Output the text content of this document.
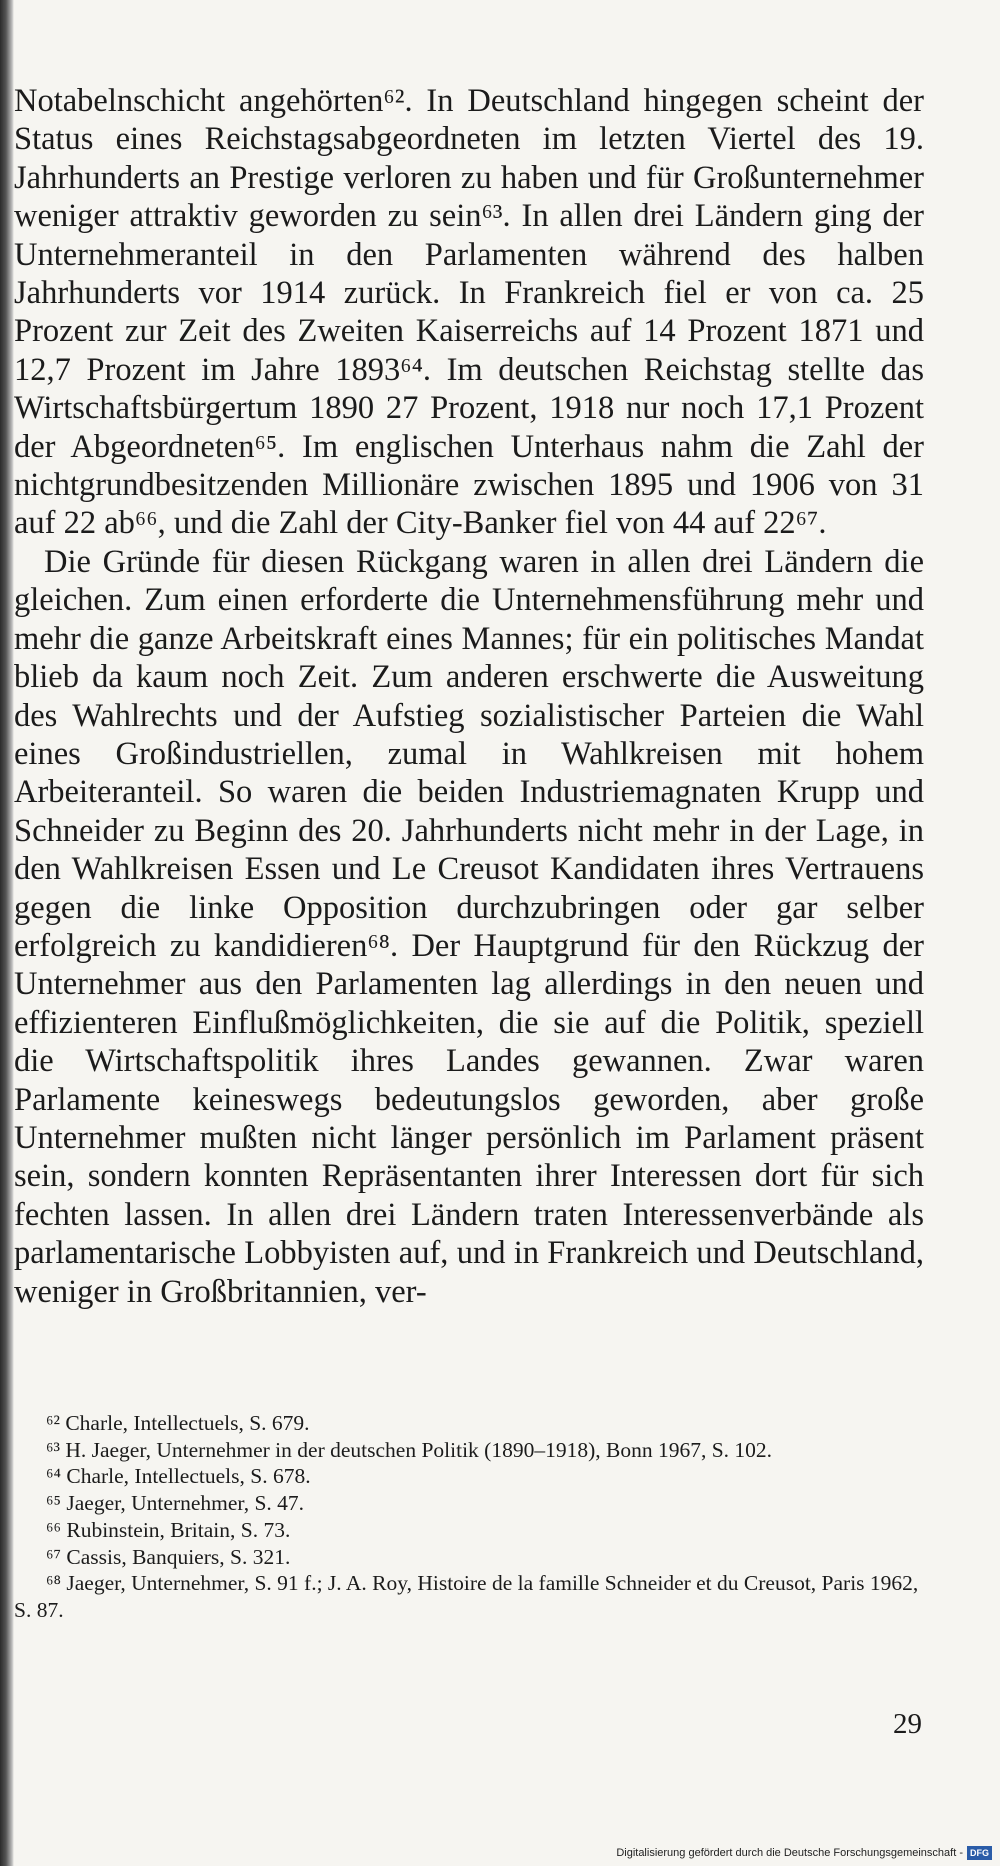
Notabelnschicht angehörten⁶². In Deutschland hingegen scheint der Status eines Reichstagsabgeordneten im letzten Viertel des 19. Jahrhunderts an Prestige verloren zu haben und für Großunternehmer weniger attraktiv geworden zu sein⁶³. In allen drei Ländern ging der Unternehmeranteil in den Parlamenten während des halben Jahrhunderts vor 1914 zurück. In Frankreich fiel er von ca. 25 Prozent zur Zeit des Zweiten Kaiserreichs auf 14 Prozent 1871 und 12,7 Prozent im Jahre 1893⁶⁴. Im deutschen Reichstag stellte das Wirtschaftsbürgertum 1890 27 Prozent, 1918 nur noch 17,1 Prozent der Abgeordneten⁶⁵. Im englischen Unterhaus nahm die Zahl der nichtgrundbesitzenden Millionäre zwischen 1895 und 1906 von 31 auf 22 ab⁶⁶, und die Zahl der City-Banker fiel von 44 auf 22⁶⁷.

Die Gründe für diesen Rückgang waren in allen drei Ländern die gleichen. Zum einen erforderte die Unternehmensführung mehr und mehr die ganze Arbeitskraft eines Mannes; für ein politisches Mandat blieb da kaum noch Zeit. Zum anderen erschwerte die Ausweitung des Wahlrechts und der Aufstieg sozialistischer Parteien die Wahl eines Großindustriellen, zumal in Wahlkreisen mit hohem Arbeiteranteil. So waren die beiden Industriemagnaten Krupp und Schneider zu Beginn des 20. Jahrhunderts nicht mehr in der Lage, in den Wahlkreisen Essen und Le Creusot Kandidaten ihres Vertrauens gegen die linke Opposition durchzubringen oder gar selber erfolgreich zu kandidieren⁶⁸. Der Hauptgrund für den Rückzug der Unternehmer aus den Parlamenten lag allerdings in den neuen und effizienteren Einflußmöglichkeiten, die sie auf die Politik, speziell die Wirtschaftspolitik ihres Landes gewannen. Zwar waren Parlamente keineswegs bedeutungslos geworden, aber große Unternehmer mußten nicht länger persönlich im Parlament präsent sein, sondern konnten Repräsentanten ihrer Interessen dort für sich fechten lassen. In allen drei Ländern traten Interessenverbände als parlamentarische Lobbyisten auf, und in Frankreich und Deutschland, weniger in Großbritannien, ver-

⁶² Charle, Intellectuels, S. 679.

⁶³ H. Jaeger, Unternehmer in der deutschen Politik (1890–1918), Bonn 1967, S. 102.

⁶⁴ Charle, Intellectuels, S. 678.

⁶⁵ Jaeger, Unternehmer, S. 47.

⁶⁶ Rubinstein, Britain, S. 73.

⁶⁷ Cassis, Banquiers, S. 321.

⁶⁸ Jaeger, Unternehmer, S. 91 f.; J. A. Roy, Histoire de la famille Schneider et du Creusot, Paris 1962, S. 87.

29
Digitalisierung gefördert durch die Deutsche Forschungsgemeinschaft - DFG
